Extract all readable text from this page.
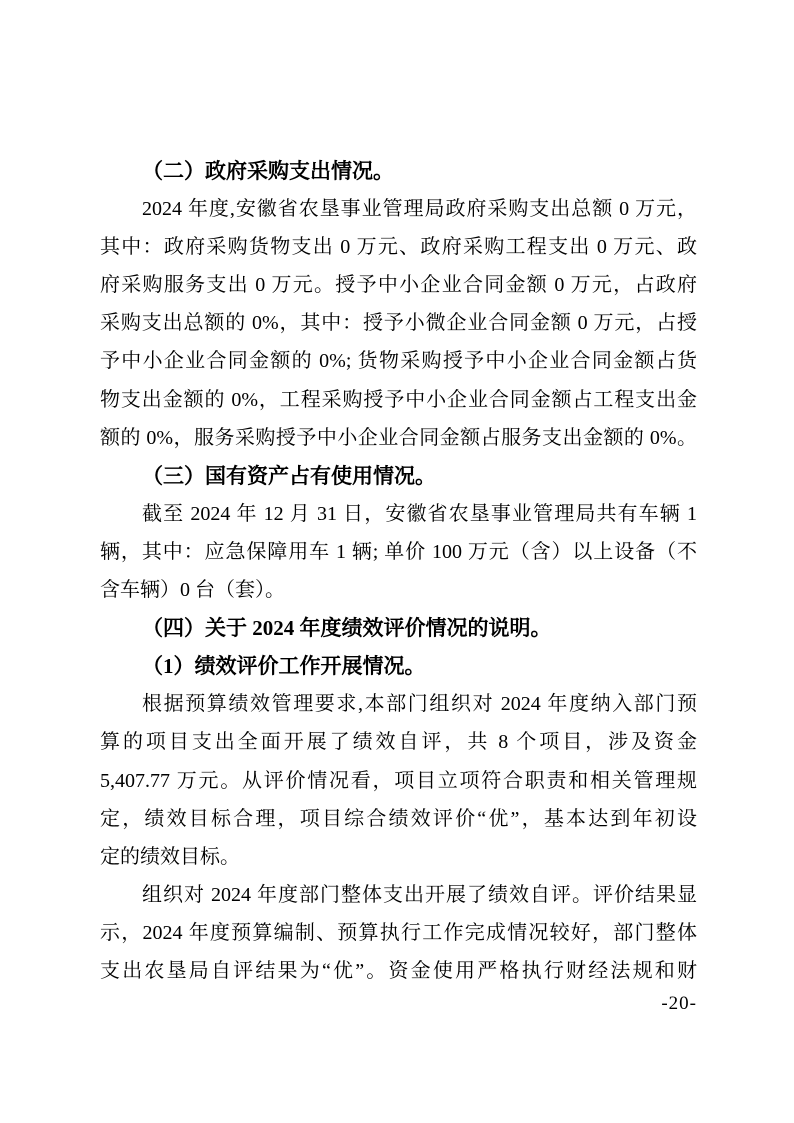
（二）政府采购支出情况。
2024 年度,安徽省农垦事业管理局政府采购支出总额 0 万元，
其中：政府采购货物支出 0 万元、政府采购工程支出 0 万元、政
府采购服务支出 0 万元。授予中小企业合同金额 0 万元，占政府
采购支出总额的 0%，其中：授予小微企业合同金额 0 万元，占授
予中小企业合同金额的 0%; 货物采购授予中小企业合同金额占货
物支出金额的 0%，工程采购授予中小企业合同金额占工程支出金
额的 0%，服务采购授予中小企业合同金额占服务支出金额的 0%。
（三）国有资产占有使用情况。
截至 2024 年 12 月 31 日，安徽省农垦事业管理局共有车辆 1
辆，其中：应急保障用车 1 辆; 单价 100 万元（含）以上设备（不
含车辆）0 台（套）。
（四）关于 2024 年度绩效评价情况的说明。
（1）绩效评价工作开展情况。
根据预算绩效管理要求,本部门组织对 2024 年度纳入部门预
算的项目支出全面开展了绩效自评，共 8 个项目，涉及资金
5,407.77 万元。从评价情况看，项目立项符合职责和相关管理规
定，绩效目标合理，项目综合绩效评价“优”，基本达到年初设
定的绩效目标。
组织对 2024 年度部门整体支出开展了绩效自评。评价结果显
示，2024 年度预算编制、预算执行工作完成情况较好，部门整体
支出农垦局自评结果为“优”。资金使用严格执行财经法规和财
-20-
